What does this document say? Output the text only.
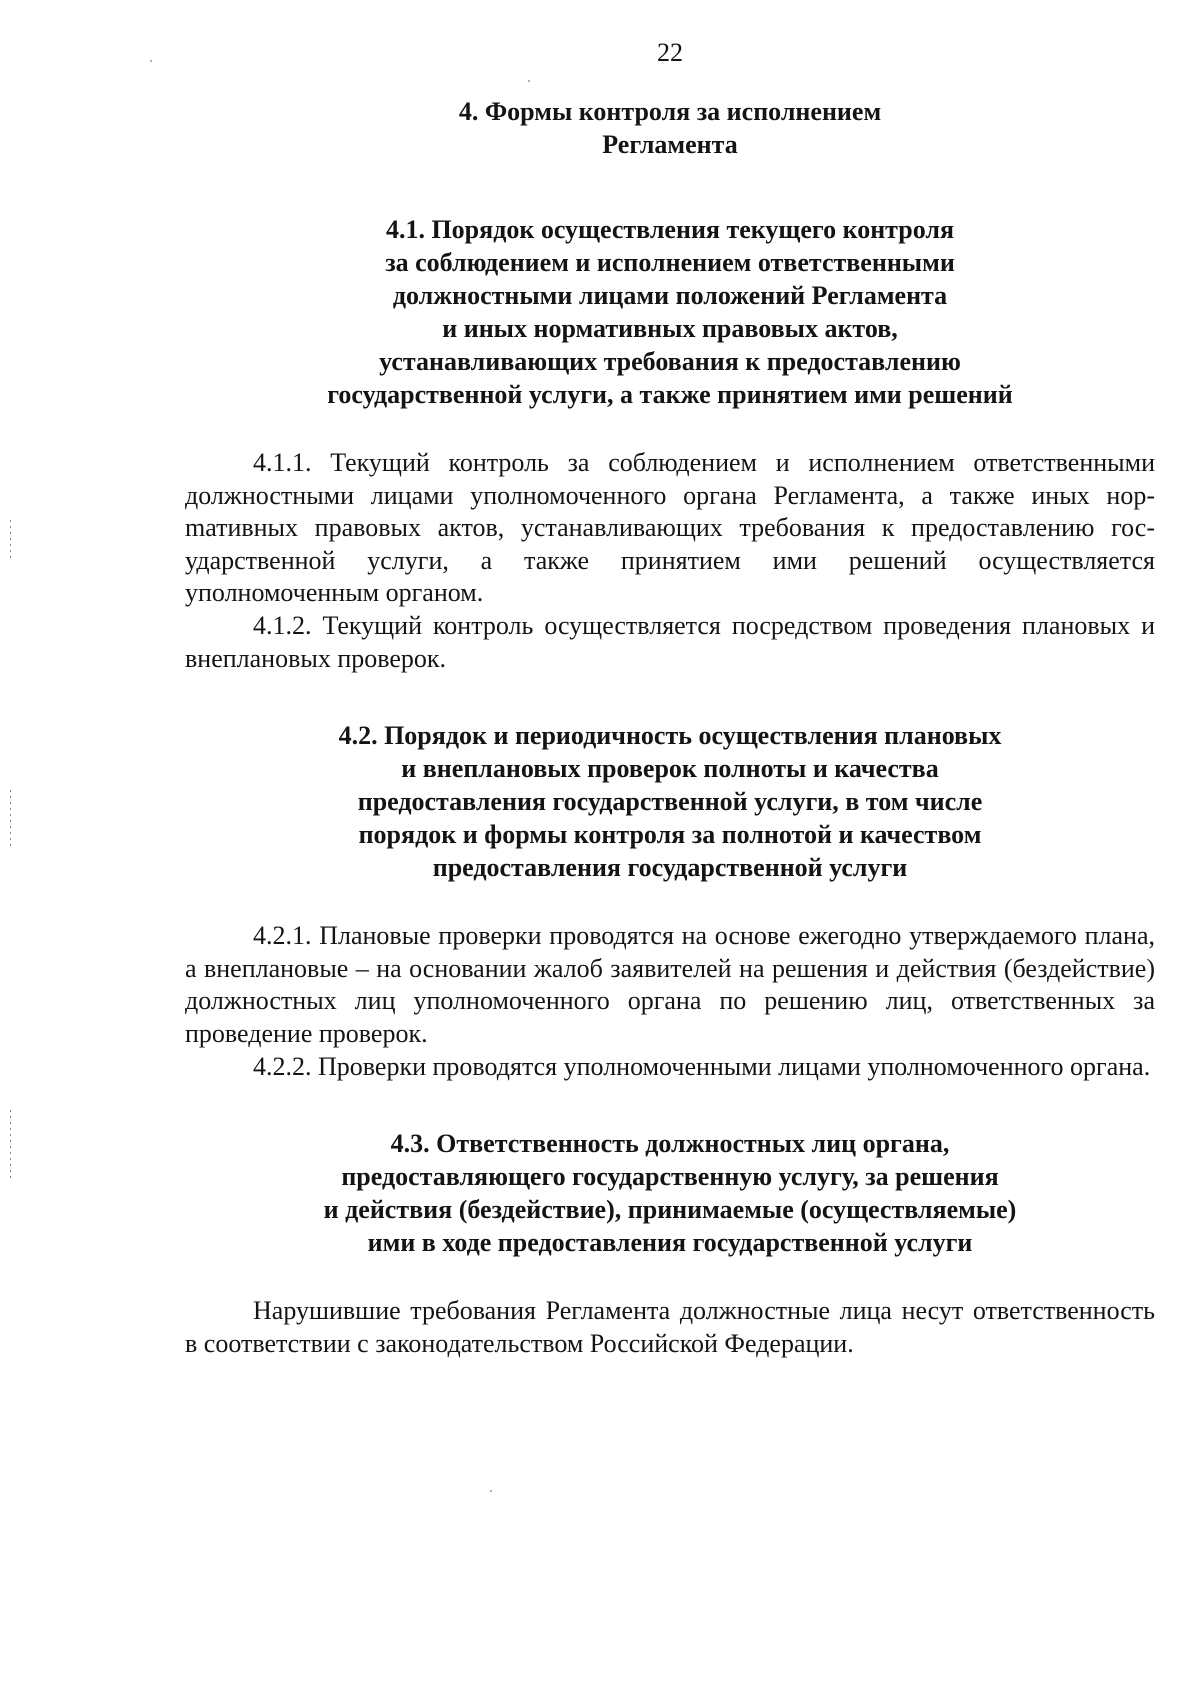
22
4. Формы контроля за исполнением
Регламента
4.1. Порядок осуществления текущего контроля
за соблюдением и исполнением ответственными
должностными лицами положений Регламента
и иных нормативных правовых актов,
устанавливающих требования к предоставлению
государственной услуги, а также принятием ими решений

4.1.1. Текущий контроль за соблюдением и исполнением ответственными должностными лицами уполномоченного органа Регламента, а также иных норmативных правовых актов, устанавливающих требования к предоставлению государственной услуги, а также принятием ими решений осуществляется уполномоченным органом.

4.1.2. Текущий контроль осуществляется посредством проведения плановых и внеплановых проверок.

4.2. Порядок и периодичность осуществления плановых
и внеплановых проверок полноты и качества
предоставления государственной услуги, в том числе
порядок и формы контроля за полнотой и качеством
предоставления государственной услуги

4.2.1. Плановые проверки проводятся на основе ежегодно утверждаемого плана, а внеплановые – на основании жалоб заявителей на решения и действия (бездействие) должностных лиц уполномоченного органа по решению лиц, ответственных за проведение проверок.

4.2.2. Проверки проводятся уполномоченными лицами уполномоченного органа.

4.3. Ответственность должностных лиц органа,
предоставляющего государственную услугу, за решения
и действия (бездействие), принимаемые (осуществляемые)
ими в ходе предоставления государственной услуги

Нарушившие требования Регламента должностные лица несут ответственность в соответствии с законодательством Российской Федерации.
